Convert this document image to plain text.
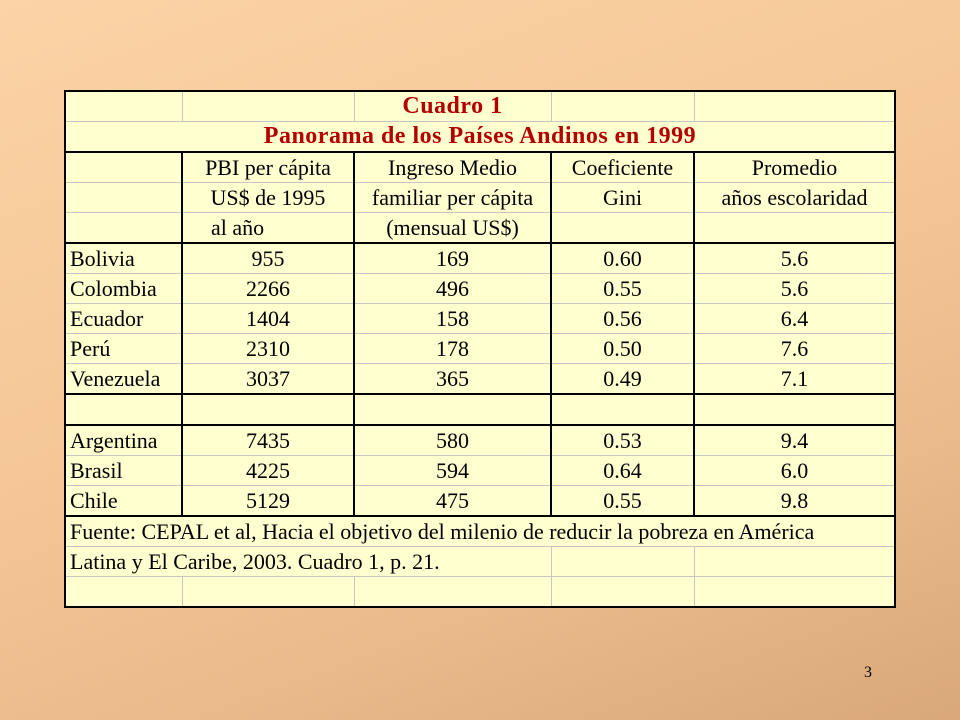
		Cuadro 1		
Panorama de los Países Andinos en 1999				
	PBI per cápita	Ingreso Medio	Coeficiente	Promedio
	US$ de 1995	familiar per cápita	Gini	años escolaridad
	al año	(mensual US$)		
Bolivia	955	169	0.60	5.6
Colombia	2266	496	0.55	5.6
Ecuador	1404	158	0.56	6.4
Perú	2310	178	0.50	7.6
Venezuela	3037	365	0.49	7.1

Argentina	7435	580	0.53	9.4
Brasil	4225	594	0.64	6.0
Chile	5129	475	0.55	9.8
Fuente: CEPAL et al, Hacia el objetivo del milenio de reducir la pobreza en América				
Latina y El Caribe, 2003. Cuadro 1, p. 21.				

3
